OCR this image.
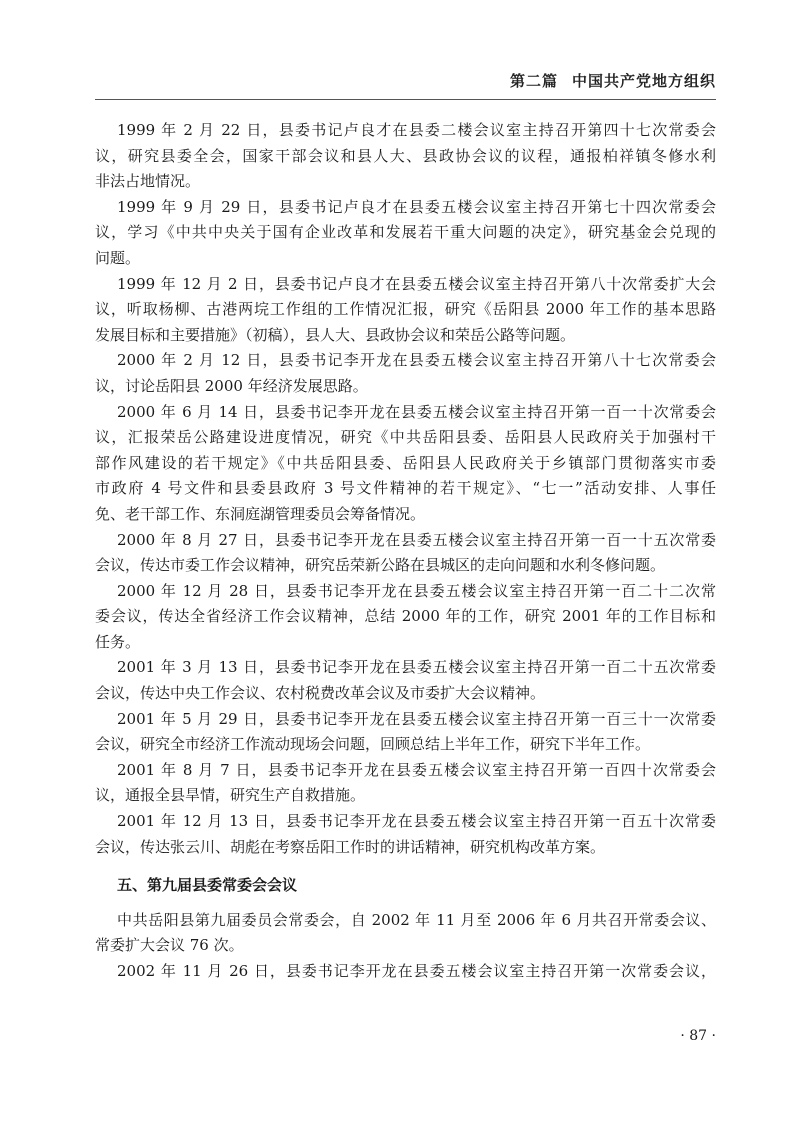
第二篇 中国共产党地方组织
1999 年 2 月 22 日，县委书记卢良才在县委二楼会议室主持召开第四十七次常委会
议，研究县委全会，国家干部会议和县人大、县政协会议的议程，通报柏祥镇冬修水利
非法占地情况。
1999 年 9 月 29 日，县委书记卢良才在县委五楼会议室主持召开第七十四次常委会
议，学习《中共中央关于国有企业改革和发展若干重大问题的决定》，研究基金会兑现的
问题。
1999 年 12 月 2 日，县委书记卢良才在县委五楼会议室主持召开第八十次常委扩大会
议，听取杨柳、古港两垸工作组的工作情况汇报，研究《岳阳县 2000 年工作的基本思路
发展目标和主要措施》（初稿），县人大、县政协会议和荣岳公路等问题。
2000 年 2 月 12 日，县委书记李开龙在县委五楼会议室主持召开第八十七次常委会
议，讨论岳阳县 2000 年经济发展思路。
2000 年 6 月 14 日，县委书记李开龙在县委五楼会议室主持召开第一百一十次常委会
议，汇报荣岳公路建设进度情况，研究《中共岳阳县委、岳阳县人民政府关于加强村干
部作风建设的若干规定》《中共岳阳县委、岳阳县人民政府关于乡镇部门贯彻落实市委
市政府 4 号文件和县委县政府 3 号文件精神的若干规定》、“七一”活动安排、人事任
免、老干部工作、东洞庭湖管理委员会筹备情况。
2000 年 8 月 27 日，县委书记李开龙在县委五楼会议室主持召开第一百一十五次常委
会议，传达市委工作会议精神，研究岳荣新公路在县城区的走向问题和水利冬修问题。
2000 年 12 月 28 日，县委书记李开龙在县委五楼会议室主持召开第一百二十二次常
委会议，传达全省经济工作会议精神，总结 2000 年的工作，研究 2001 年的工作目标和
任务。
2001 年 3 月 13 日，县委书记李开龙在县委五楼会议室主持召开第一百二十五次常委
会议，传达中央工作会议、农村税费改革会议及市委扩大会议精神。
2001 年 5 月 29 日，县委书记李开龙在县委五楼会议室主持召开第一百三十一次常委
会议，研究全市经济工作流动现场会问题，回顾总结上半年工作，研究下半年工作。
2001 年 8 月 7 日，县委书记李开龙在县委五楼会议室主持召开第一百四十次常委会
议，通报全县旱情，研究生产自救措施。
2001 年 12 月 13 日，县委书记李开龙在县委五楼会议室主持召开第一百五十次常委
会议，传达张云川、胡彪在考察岳阳工作时的讲话精神，研究机构改革方案。
五、第九届县委常委会会议
中共岳阳县第九届委员会常委会，自 2002 年 11 月至 2006 年 6 月共召开常委会议、
常委扩大会议 76 次。
2002 年 11 月 26 日，县委书记李开龙在县委五楼会议室主持召开第一次常委会议，
· 87 ·
